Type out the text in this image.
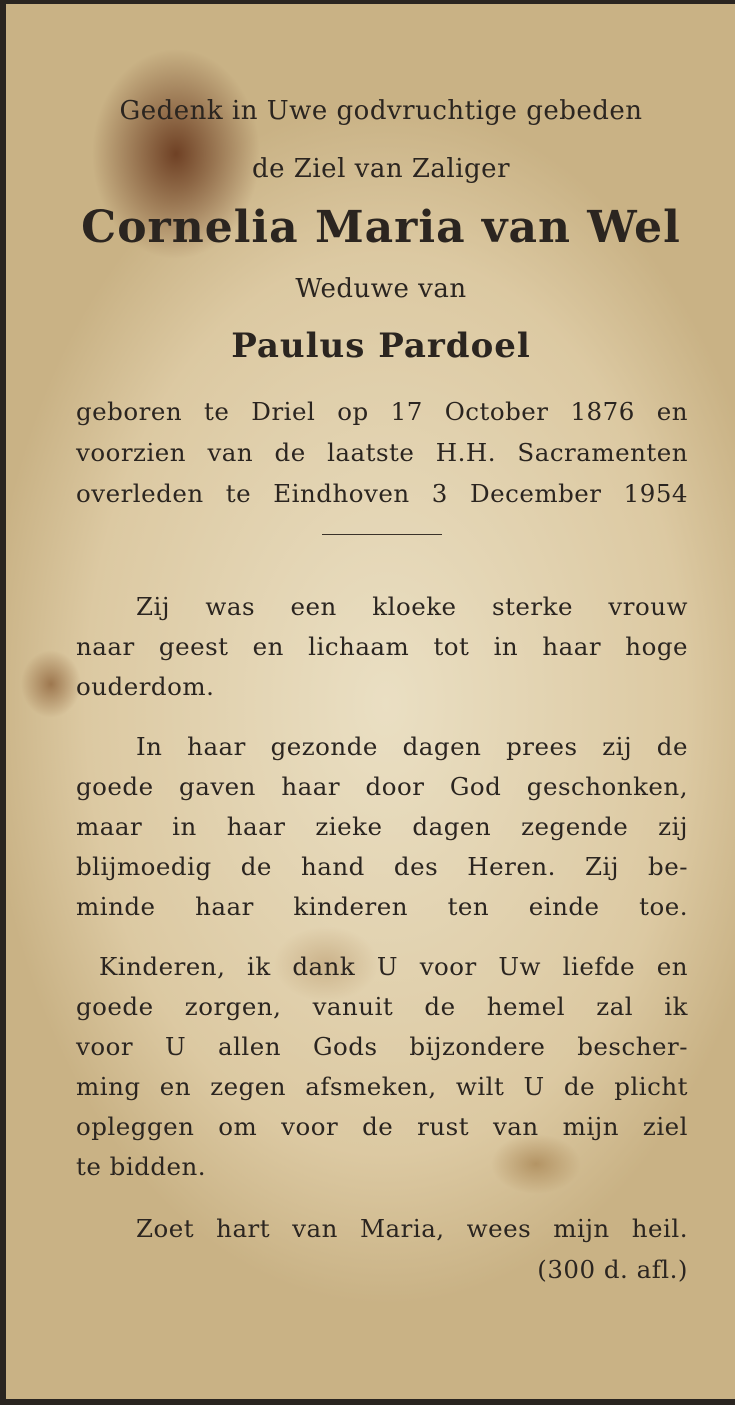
Gedenk in Uwe godvruchtige gebeden

de Ziel van Zaliger

Cornelia Maria van Wel

Weduwe van

Paulus Pardoel

geboren te Driel op 17 October 1876 en

voorzien van de laatste H.H. Sacramenten

overleden te Eindhoven 3 December 1954

Zij was een kloeke sterke vrouw

naar geest en lichaam tot in haar hoge

ouderdom.

In haar gezonde dagen prees zij de

goede gaven haar door God geschonken,

maar in haar zieke dagen zegende zij

blijmoedig de hand des Heren. Zij be-

minde haar kinderen ten einde toe.

Kinderen, ik dank U voor Uw liefde en

goede zorgen, vanuit de hemel zal ik

voor U allen Gods bijzondere bescher-

ming en zegen afsmeken, wilt U de plicht

opleggen om voor de rust van mijn ziel

te bidden.

Zoet hart van Maria, wees mijn heil.

(300 d. afl.)
